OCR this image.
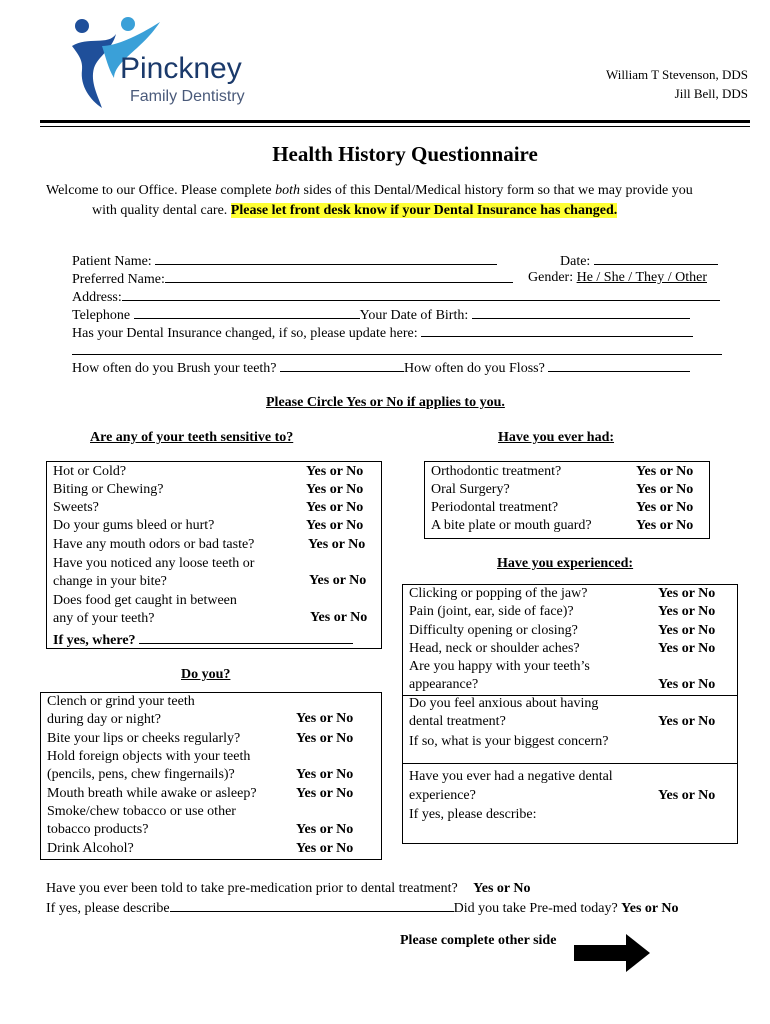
Pinckney
Family Dentistry
William T Stevenson, DDS
Jill Bell, DDS
Health History Questionnaire
Welcome to our Office. Please complete both sides of this Dental/Medical history form so that we may provide you
with quality dental care. Please let front desk know if your Dental Insurance has changed.
Patient Name:	Date:
Preferred Name:	Gender: He / She / They / Other
Address:
Telephone	Your Date of Birth:
Has your Dental Insurance changed, if so, please update here:
How often do you Brush your teeth?	How often do you Floss?
Please Circle Yes or No if applies to you.
Are any of your teeth sensitive to?
Hot or Cold?	Yes or No
Biting or Chewing?	Yes or No
Sweets?	Yes or No
Do your gums bleed or hurt?	Yes or No
Have any mouth odors or bad taste?	Yes or No
Have you noticed any loose teeth or
change in your bite?	Yes or No
Does food get caught in between
any of your teeth?	Yes or No
If yes, where?
Do you?
Clench or grind your teeth
during day or night?	Yes or No
Bite your lips or cheeks regularly?	Yes or No
Hold foreign objects with your teeth
(pencils, pens, chew fingernails)?	Yes or No
Mouth breath while awake or asleep?	Yes or No
Smoke/chew tobacco or use other
tobacco products?	Yes or No
Drink Alcohol?	Yes or No
Have you ever had:
Orthodontic treatment?	Yes or No
Oral Surgery?	Yes or No
Periodontal treatment?	Yes or No
A bite plate or mouth guard?	Yes or No
Have you experienced:
Clicking or popping of the jaw?	Yes or No
Pain (joint, ear, side of face)?	Yes or No
Difficulty opening or closing?	Yes or No
Head, neck or shoulder aches?	Yes or No
Are you happy with your teeth’s
appearance?	Yes or No
Do you feel anxious about having
dental treatment?	Yes or No
If so, what is your biggest concern?
Have you ever had a negative dental
experience?	Yes or No
If yes, please describe:
Have you ever been told to take pre-medication prior to dental treatment? Yes or No
If yes, please describe	Did you take Pre-med today? Yes or No
Please complete other side
